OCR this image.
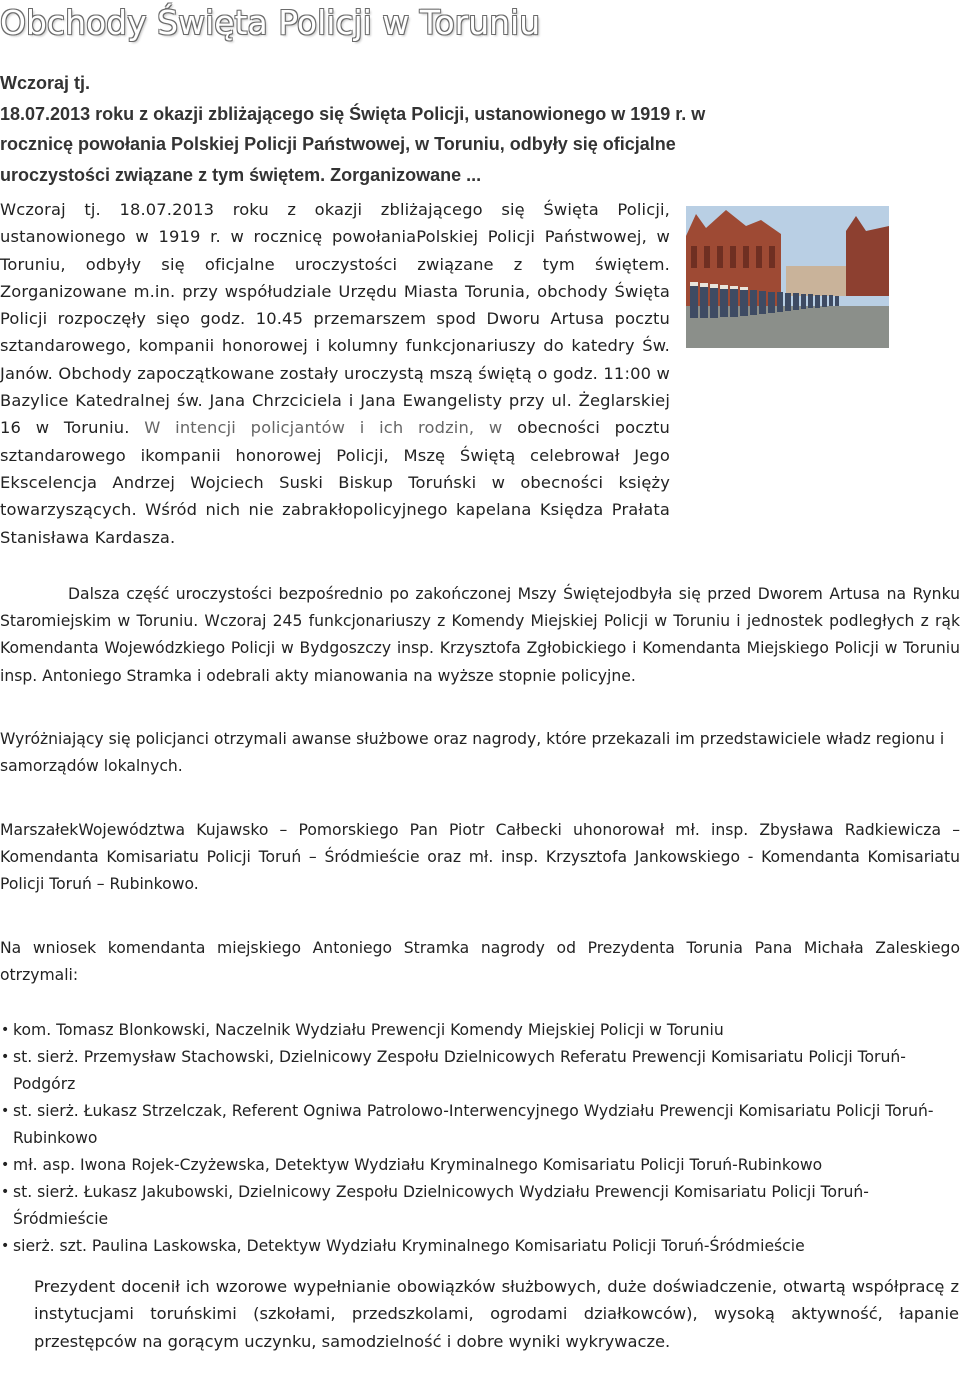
Obchody Święta Policji w Toruniu

Wczoraj tj.
18.07.2013 roku z okazji zbliżającego się Święta Policji, ustanowionego w 1919 r. w rocznicę powołania Polskiej Policji Państwowej, w Toruniu, odbyły się oficjalne uroczystości związane z tym świętem. Zorganizowane ...

Wczoraj tj. 18.07.2013 roku z okazji zbliżającego się Święta Policji, ustanowionego w 1919 r. w rocznicę powołaniaPolskiej Policji Państwowej, w Toruniu, odbyły się oficjalne uroczystości związane z tym świętem. Zorganizowane m.in. przy współudziale Urzędu Miasta Torunia, obchody Święta Policji rozpoczęły sięo godz. 10.45 przemarszem spod Dworu Artusa pocztu sztandarowego, kompanii honorowej i kolumny funkcjonariuszy do katedry Św. Janów. Obchody zapoczątkowane zostały uroczystą mszą świętą o godz. 11:00 w Bazylice Katedralnej św. Jana Chrzciciela i Jana Ewangelisty przy ul. Żeglarskiej 16 w Toruniu. W intencji policjantów i ich rodzin, w obecności pocztu sztandarowego ikompanii honorowej Policji, Mszę Świętą celebrował Jego Ekscelencja Andrzej Wojciech Suski Biskup Toruński w obecności księży towarzyszących. Wśród nich nie zabrakłopolicyjnego kapelana Księdza Prałata Stanisława Kardasza.

Dalsza część uroczystości bezpośrednio po zakończonej Mszy Świętejodbyła się przed Dworem Artusa na Rynku Staromiejskim w Toruniu. Wczoraj 245 funkcjonariuszy z Komendy Miejskiej Policji w Toruniu i jednostek podległych z rąk Komendanta Wojewódzkiego Policji w Bydgoszczy insp. Krzysztofa Zgłobickiego i Komendanta Miejskiego Policji w Toruniu insp. Antoniego Stramka i odebrali akty mianowania na wyższe stopnie policyjne.

Wyróżniający się policjanci otrzymali awanse służbowe oraz nagrody, które przekazali im przedstawiciele władz regionu i samorządów lokalnych.

MarszałekWojewództwa Kujawsko – Pomorskiego Pan Piotr Całbecki uhonorował mł. insp. Zbysława Radkiewicza – Komendanta Komisariatu Policji Toruń – Śródmieście oraz mł. insp. Krzysztofa Jankowskiego - Komendanta Komisariatu Policji Toruń – Rubinkowo.

Na wniosek komendanta miejskiego Antoniego Stramka nagrody od Prezydenta Torunia Pana Michała Zaleskiego otrzymali:

• kom. Tomasz Blonkowski, Naczelnik Wydziału Prewencji Komendy Miejskiej Policji w Toruniu
• st. sierż. Przemysław Stachowski, Dzielnicowy Zespołu Dzielnicowych Referatu Prewencji Komisariatu Policji Toruń-Podgórz
• st. sierż. Łukasz Strzelczak, Referent Ogniwa Patrolowo-Interwencyjnego Wydziału Prewencji Komisariatu Policji Toruń-Rubinkowo
• mł. asp. Iwona Rojek-Czyżewska, Detektyw Wydziału Kryminalnego Komisariatu Policji Toruń-Rubinkowo
• st. sierż. Łukasz Jakubowski, Dzielnicowy Zespołu Dzielnicowych Wydziału Prewencji Komisariatu Policji Toruń-Śródmieście
• sierż. szt. Paulina Laskowska, Detektyw Wydziału Kryminalnego Komisariatu Policji Toruń-Śródmieście

Prezydent docenił ich wzorowe wypełnianie obowiązków służbowych, duże doświadczenie, otwartą współpracę z instytucjami toruńskimi (szkołami, przedszkolami, ogrodami działkowców), wysoką aktywność, łapanie przestępców na gorącym uczynku, samodzielność i dobre wyniki wykrywacze.
